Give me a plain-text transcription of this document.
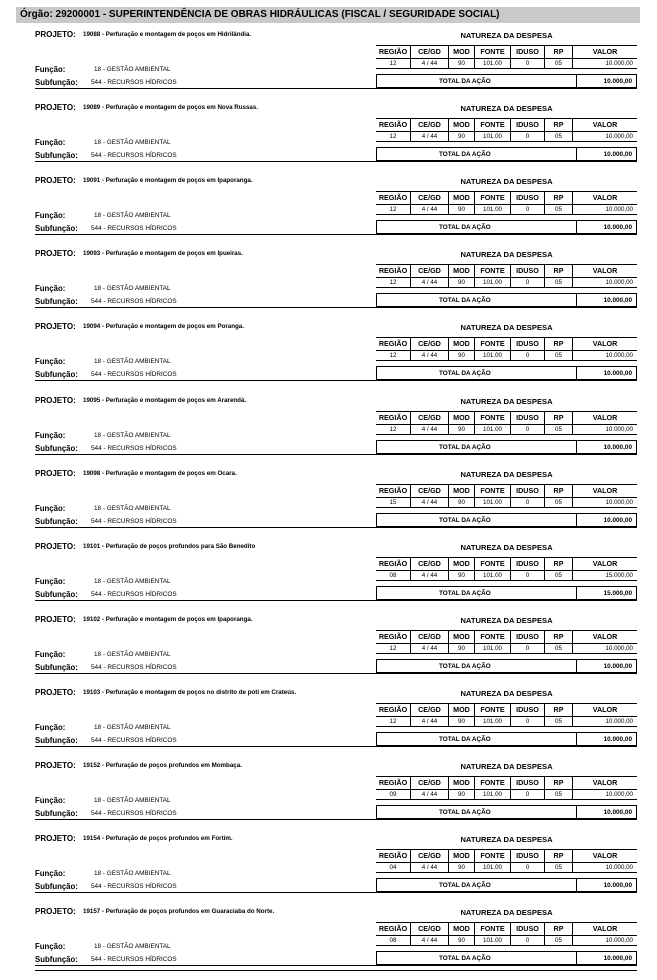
Órgão: 29200001 - SUPERINTENDÊNCIA DE OBRAS HIDRÁULICAS (FISCAL / SEGURIDADE SOCIAL)
PROJETO: 19088 - Perfuração e montagem de poços em Hidrilândia.	NATUREZA DA DESPESA
REGIÃO	CE/GD	MOD	FONTE	IDUSO	RP	VALOR
12	4 / 44	90	101.00	0	05	10.000,00
Função:	18 - GESTÃO AMBIENTAL
Subfunção: 544 - RECURSOS HÍDRICOS	TOTAL DA AÇÃO	10.000,00
PROJETO: 19089 - Perfuração e montagem de poços em Nova Russas.	NATUREZA DA DESPESA
REGIÃO	CE/GD	MOD	FONTE	IDUSO	RP	VALOR
12	4 / 44	90	101.00	0	05	10.000,00
Função:	18 - GESTÃO AMBIENTAL
Subfunção: 544 - RECURSOS HÍDRICOS	TOTAL DA AÇÃO	10.000,00
PROJETO: 19091 - Perfuração e montagem de poços em Ipaporanga.	NATUREZA DA DESPESA
REGIÃO	CE/GD	MOD	FONTE	IDUSO	RP	VALOR
12	4 / 44	90	101.00	0	05	10.000,00
Função:	18 - GESTÃO AMBIENTAL
Subfunção: 544 - RECURSOS HÍDRICOS	TOTAL DA AÇÃO	10.000,00
PROJETO: 19093 - Perfuração e montagem de poços em Ipueiras.	NATUREZA DA DESPESA
REGIÃO	CE/GD	MOD	FONTE	IDUSO	RP	VALOR
12	4 / 44	90	101.00	0	05	10.000,00
Função:	18 - GESTÃO AMBIENTAL
Subfunção: 544 - RECURSOS HÍDRICOS	TOTAL DA AÇÃO	10.000,00
PROJETO: 19094 - Perfuração e montagem de poços em Poranga.	NATUREZA DA DESPESA
REGIÃO	CE/GD	MOD	FONTE	IDUSO	RP	VALOR
12	4 / 44	90	101.00	0	05	10.000,00
Função:	18 - GESTÃO AMBIENTAL
Subfunção: 544 - RECURSOS HÍDRICOS	TOTAL DA AÇÃO	10.000,00
PROJETO: 19095 - Perfuração e montagem de poços em Ararendá.	NATUREZA DA DESPESA
REGIÃO	CE/GD	MOD	FONTE	IDUSO	RP	VALOR
12	4 / 44	90	101.00	0	05	10.000,00
Função:	18 - GESTÃO AMBIENTAL
Subfunção: 544 - RECURSOS HÍDRICOS	TOTAL DA AÇÃO	10.000,00
PROJETO: 19098 - Perfuração e montagem de poços em Ocara.	NATUREZA DA DESPESA
REGIÃO	CE/GD	MOD	FONTE	IDUSO	RP	VALOR
15	4 / 44	90	101.00	0	05	10.000,00
Função:	18 - GESTÃO AMBIENTAL
Subfunção: 544 - RECURSOS HÍDRICOS	TOTAL DA AÇÃO	10.000,00
PROJETO: 19101 - Perfuração de poços profundos para São Benedito	NATUREZA DA DESPESA
REGIÃO	CE/GD	MOD	FONTE	IDUSO	RP	VALOR
08	4 / 44	90	101.00	0	05	15.000,00
Função:	18 - GESTÃO AMBIENTAL
Subfunção: 544 - RECURSOS HÍDRICOS	TOTAL DA AÇÃO	15.000,00
PROJETO: 19102 - Perfuração e montagem de poços em Ipaporanga.	NATUREZA DA DESPESA
REGIÃO	CE/GD	MOD	FONTE	IDUSO	RP	VALOR
12	4 / 44	90	101.00	0	05	10.000,00
Função:	18 - GESTÃO AMBIENTAL
Subfunção: 544 - RECURSOS HÍDRICOS	TOTAL DA AÇÃO	10.000,00
PROJETO: 19103 - Perfuração e montagem de poços no distrito de poti em Crateús.	NATUREZA DA DESPESA
REGIÃO	CE/GD	MOD	FONTE	IDUSO	RP	VALOR
12	4 / 44	90	101.00	0	05	10.000,00
Função:	18 - GESTÃO AMBIENTAL
Subfunção: 544 - RECURSOS HÍDRICOS	TOTAL DA AÇÃO	10.000,00
PROJETO: 19152 - Perfuração de poços profundos em Mombaça.	NATUREZA DA DESPESA
REGIÃO	CE/GD	MOD	FONTE	IDUSO	RP	VALOR
09	4 / 44	90	101.00	0	05	10.000,00
Função:	18 - GESTÃO AMBIENTAL
Subfunção: 544 - RECURSOS HÍDRICOS	TOTAL DA AÇÃO	10.000,00
PROJETO: 19154 - Perfuração de poços profundos em Fortim.	NATUREZA DA DESPESA
REGIÃO	CE/GD	MOD	FONTE	IDUSO	RP	VALOR
04	4 / 44	90	101.00	0	05	10.000,00
Função:	18 - GESTÃO AMBIENTAL
Subfunção: 544 - RECURSOS HÍDRICOS	TOTAL DA AÇÃO	10.000,00
PROJETO: 19157 - Perfuração de poços profundos em Guaraciaba do Norte.	NATUREZA DA DESPESA
REGIÃO	CE/GD	MOD	FONTE	IDUSO	RP	VALOR
08	4 / 44	90	101.00	0	05	10.000,00
Função:	18 - GESTÃO AMBIENTAL
Subfunção: 544 - RECURSOS HÍDRICOS	TOTAL DA AÇÃO	10.000,00
